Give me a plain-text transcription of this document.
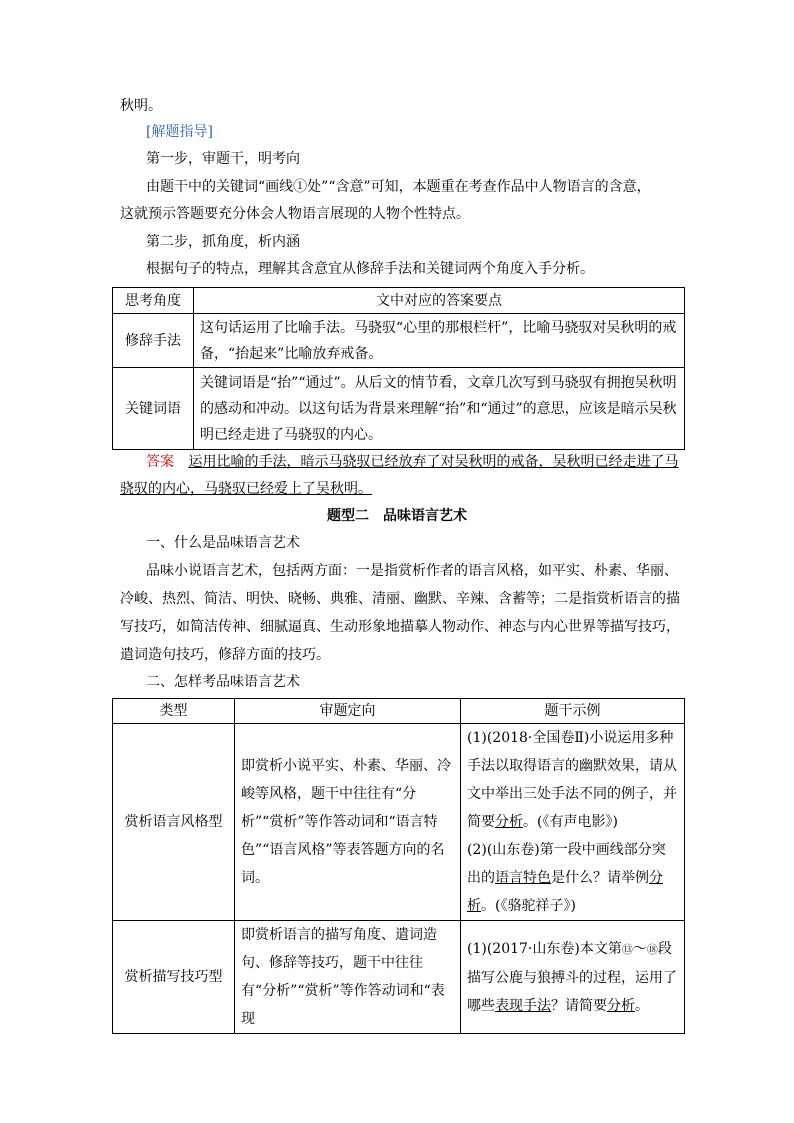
秋明。
[解题指导]
第一步，审题干，明考向
由题干中的关键词“画线①处”“含意”可知，本题重在考查作品中人物语言的含意，
这就预示答题要充分体会人物语言展现的人物个性特点。
第二步，抓角度，析内涵
根据句子的特点，理解其含意宜从修辞手法和关键词两个角度入手分析。
思考角度	文中对应的答案要点
修辞手法	这句话运用了比喻手法。马骁驭“心里的那根栏杆”，比喻马骁驭对吴秋明的戒备，“抬起来”比喻放弃戒备。
关键词语	关键词语是“抬”“通过”。从后文的情节看，文章几次写到马骁驭有拥抱吴秋明的感动和冲动。以这句话为背景来理解“抬”和“通过”的意思，应该是暗示吴秋明已经走进了马骁驭的内心。
答案 运用比喻的手法，暗示马骁驭已经放弃了对吴秋明的戒备，吴秋明已经走进了马
骁驭的内心，马骁驭已经爱上了吴秋明。
题型二　品味语言艺术
一、什么是品味语言艺术
品味小说语言艺术，包括两方面：一是指赏析作者的语言风格，如平实、朴素、华丽、
冷峻、热烈、简洁、明快、晓畅、典雅、清丽、幽默、辛辣、含蓄等；二是指赏析语言的描
写技巧，如简洁传神、细腻逼真、生动形象地描摹人物动作、神态与内心世界等描写技巧，
遣词造句技巧，修辞方面的技巧。
二、怎样考品味语言艺术
类型	审题定向	题干示例
赏析语言风格型	即赏析小说平实、朴素、华丽、冷峻等风格，题干中往往有“分析”“赏析”等作答动词和“语言特色”“语言风格”等表答题方向的名词。	(1)(2018·全国卷Ⅱ)小说运用多种手法以取得语言的幽默效果，请从文中举出三处手法不同的例子，并简要分析。(《有声电影》)
(2)(山东卷)第一段中画线部分突出的语言特色是什么？请举例分析。(《骆驼祥子》)
赏析描写技巧型	即赏析语言的描写角度、遣词造句、修辞等技巧，题干中往往有“分析”“赏析”等作答动词和“表现	(1)(2017·山东卷)本文第⑬～⑱段描写公鹿与狼搏斗的过程，运用了哪些表现手法？请简要分析。
